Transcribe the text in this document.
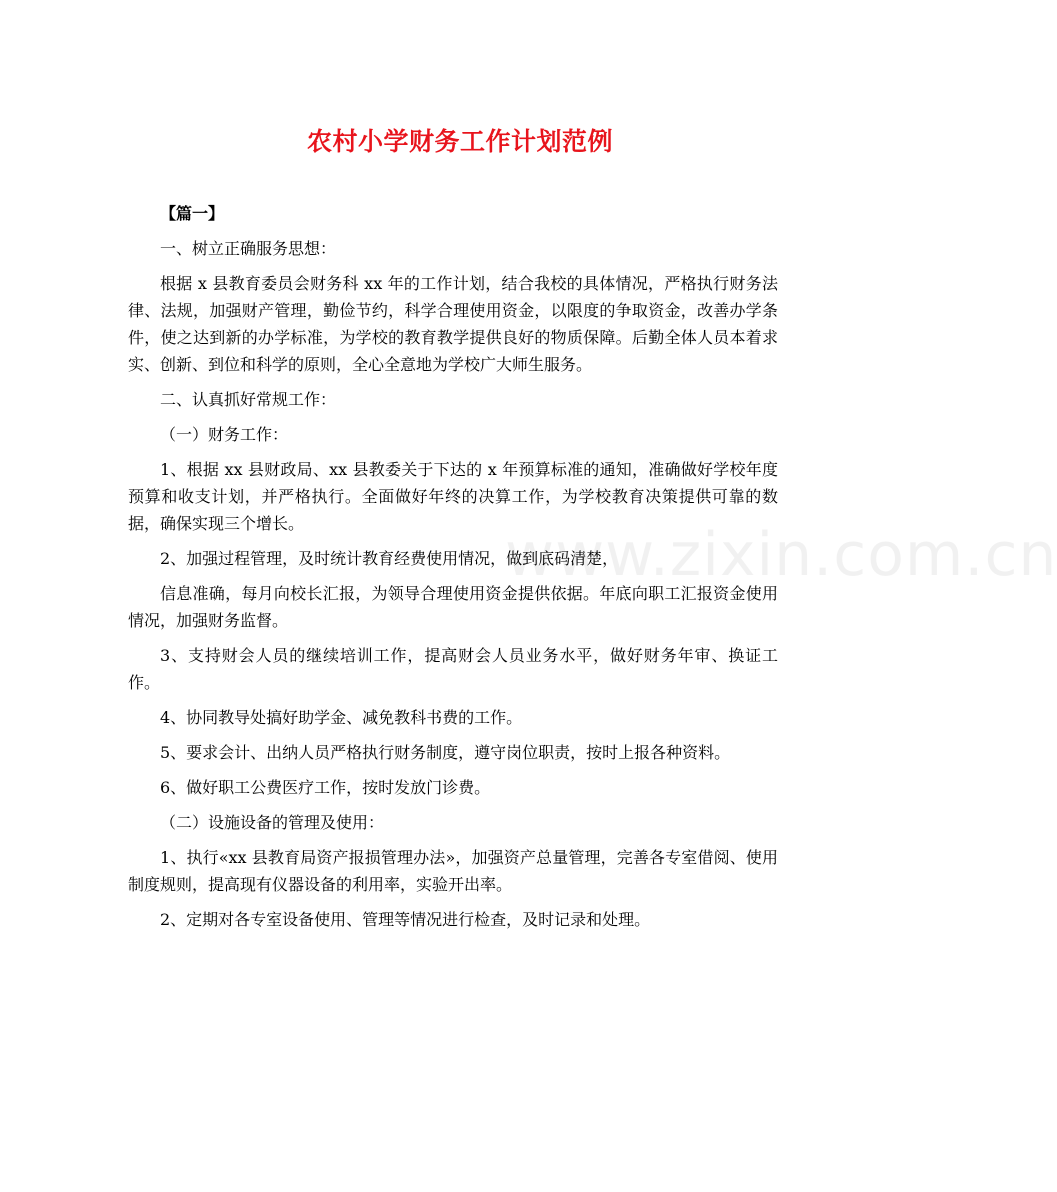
农村小学财务工作计划范例

【篇一】

一、树立正确服务思想：

根据 x 县教育委员会财务科 xx 年的工作计划，结合我校的具体情况，严格执行财务法律、法规，加强财产管理，勤俭节约，科学合理使用资金，以限度的争取资金，改善办学条件，使之达到新的办学标准，为学校的教育教学提供良好的物质保障。后勤全体人员本着求实、创新、到位和科学的原则，全心全意地为学校广大师生服务。

二、认真抓好常规工作：

（一）财务工作：

1、根据 xx 县财政局、xx 县教委关于下达的 x 年预算标准的通知，准确做好学校年度预算和收支计划，并严格执行。全面做好年终的决算工作，为学校教育决策提供可靠的数据，确保实现三个增长。

2、加强过程管理，及时统计教育经费使用情况，做到底码清楚，

信息准确，每月向校长汇报，为领导合理使用资金提供依据。年底向职工汇报资金使用情况，加强财务监督。

3、支持财会人员的继续培训工作，提高财会人员业务水平，做好财务年审、换证工作。

4、协同教导处搞好助学金、减免教科书费的工作。

5、要求会计、出纳人员严格执行财务制度，遵守岗位职责，按时上报各种资料。

6、做好职工公费医疗工作，按时发放门诊费。

（二）设施设备的管理及使用：

1、执行«xx 县教育局资产报损管理办法»，加强资产总量管理，完善各专室借阅、使用制度规则，提高现有仪器设备的利用率，实验开出率。

2、定期对各专室设备使用、管理等情况进行检查，及时记录和处理。

www.zixin.com.cn
